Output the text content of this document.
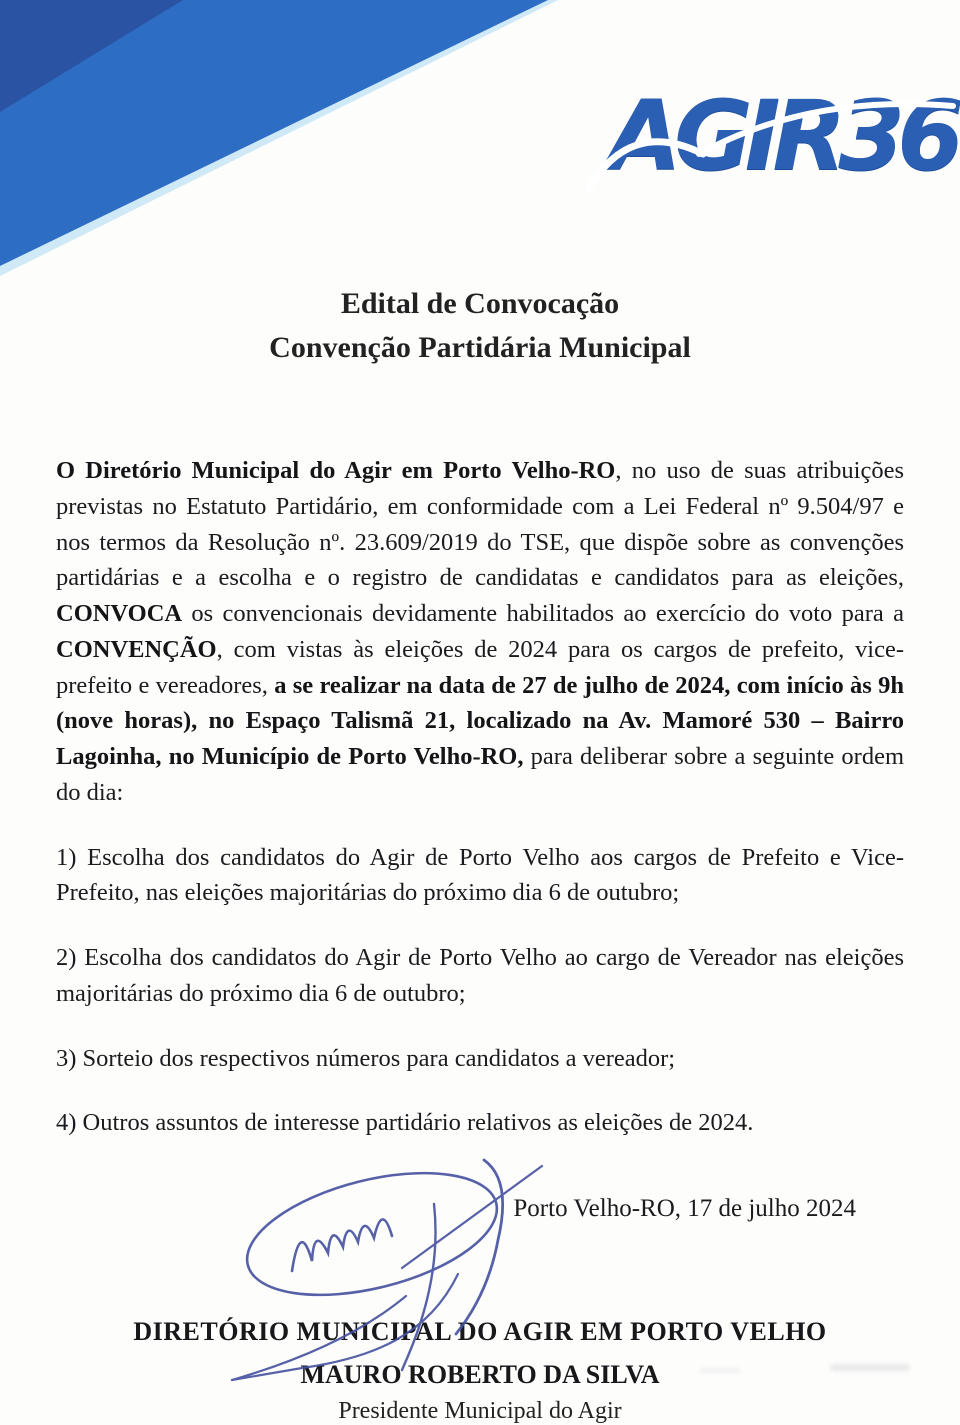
AGIR36
Edital de Convocação
Convenção Partidária Municipal

O Diretório Municipal do Agir em Porto Velho-RO, no uso de suas atribuições previstas no Estatuto Partidário, em conformidade com a Lei Federal nº 9.504/97 e nos termos da Resolução nº. 23.609/2019 do TSE, que dispõe sobre as convenções partidárias e a escolha e o registro de candidatas e candidatos para as eleições, CONVOCA os convencionais devidamente habilitados ao exercício do voto para a CONVENÇÃO, com vistas às eleições de 2024 para os cargos de prefeito, vice-prefeito e vereadores, a se realizar na data de 27 de julho de 2024, com início às 9h (nove horas), no Espaço Talismã 21, localizado na Av. Mamoré 530 – Bairro Lagoinha, no Município de Porto Velho-RO, para deliberar sobre a seguinte ordem do dia:

1) Escolha dos candidatos do Agir de Porto Velho aos cargos de Prefeito e Vice-Prefeito, nas eleições majoritárias do próximo dia 6 de outubro;

2) Escolha dos candidatos do Agir de Porto Velho ao cargo de Vereador nas eleições majoritárias do próximo dia 6 de outubro;

3) Sorteio dos respectivos números para candidatos a vereador;

4) Outros assuntos de interesse partidário relativos as eleições de 2024.

Porto Velho-RO, 17 de julho 2024

DIRETÓRIO MUNICIPAL DO AGIR EM PORTO VELHO
MAURO ROBERTO DA SILVA
Presidente Municipal do Agir
